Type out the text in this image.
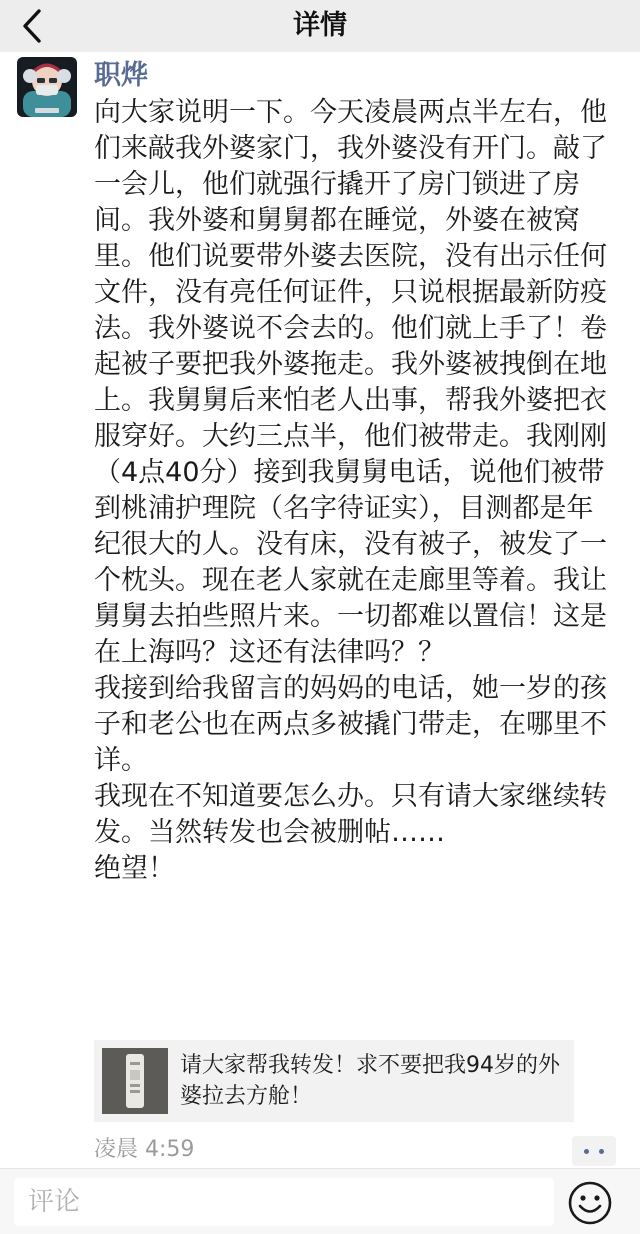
详情
职烨

向大家说明一下。今天凌晨两点半左右，他们来敲我外婆家门，我外婆没有开门。敲了一会儿，他们就强行撬开了房门锁进了房间。我外婆和舅舅都在睡觉，外婆在被窝里。他们说要带外婆去医院，没有出示任何文件，没有亮任何证件，只说根据最新防疫法。我外婆说不会去的。他们就上手了！卷起被子要把我外婆拖走。我外婆被拽倒在地上。我舅舅后来怕老人出事，帮我外婆把衣服穿好。大约三点半，他们被带走。我刚刚（4点40分）接到我舅舅电话，说他们被带到桃浦护理院（名字待证实），目测都是年纪很大的人。没有床，没有被子，被发了一个枕头。现在老人家就在走廊里等着。我让舅舅去拍些照片来。一切都难以置信！这是在上海吗？这还有法律吗？？

我接到给我留言的妈妈的电话，她一岁的孩子和老公也在两点多被撬门带走，在哪里不详。

我现在不知道要怎么办。只有请大家继续转发。当然转发也会被删帖……

绝望！

请大家帮我转发！求不要把我94岁的外婆拉去方舱！
凌晨 4:59
评论
